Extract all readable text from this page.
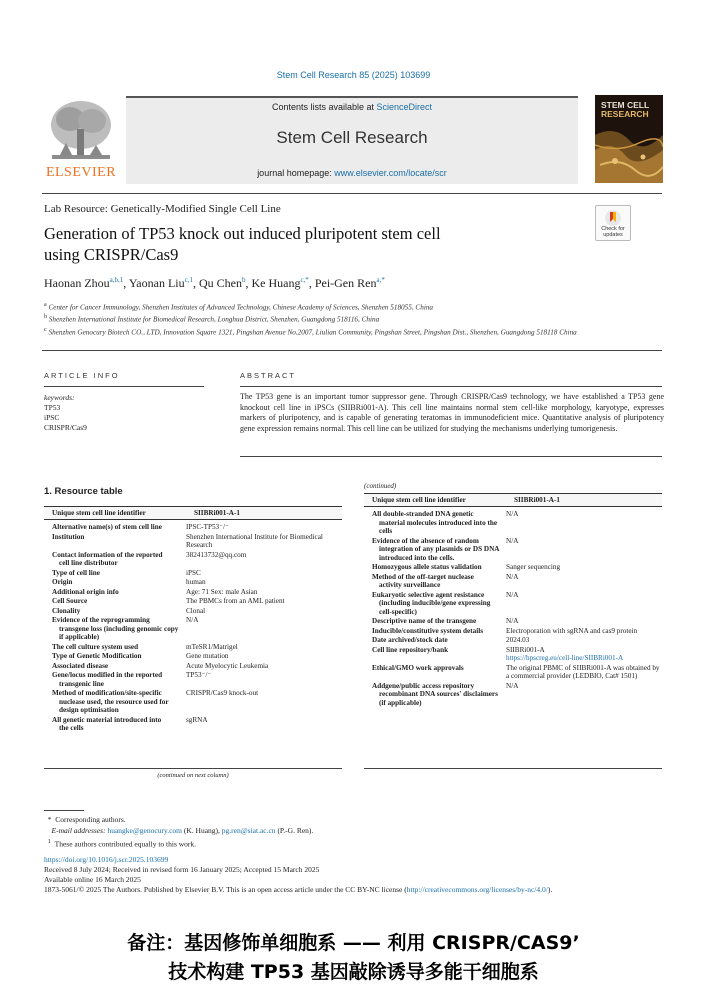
Stem Cell Research 85 (2025) 103699
ELSEVIER
Contents lists available at ScienceDirect
Stem Cell Research
journal homepage: www.elsevier.com/locate/scr
STEM CELL
RESEARCH
Lab Resource: Genetically-Modified Single Cell Line
Generation of TP53 knock out induced pluripotent stem cell
using CRISPR/Cas9
Check for updates
Haonan Zhou$^{a,b,1}$, Yaonan Liu$^{c,1}$, Qu Chen$^b$, Ke Huang$^{c,*}$, Pei-Gen Ren$^{a,*}$
$^a$ Center for Cancer Immunology, Shenzhen Institutes of Advanced Technology, Chinese Academy of Sciences, Shenzhen 518055, China
$^b$ Shenzhen International Institute for Biomedical Research, Longhua District, Shenzhen, Guangdong 518116, China
$^c$ Shenzhen Genocury Biotech CO., LTD, Innovation Square 1321, Pingshan Avenue No.2007, Liulian Community, Pingshan Street, Pingshan Dist., Shenzhen, Guangdong 518118 China
ARTICLE INFO	ABSTRACT
keywords:
TP53
iPSC
CRISPR/Cas9
The TP53 gene is an important tumor suppressor gene. Through CRISPR/Cas9 technology, we have established a TP53 gene knockout cell line in iPSCs (SIIBRi001-A). This cell line maintains normal stem cell-like morphology, karyotype, expresses markers of pluripotency, and is capable of generating teratomas in immunodeficient mice. Quantitative analysis of pluripotency gene expression remains normal. This cell line can be utilized for studying the mechanisms underlying tumorigenesis.
1. Resource table
Unique stem cell line identifier	SIIBRi001-A-1
Alternative name(s) of stem cell line	IPSC-TP53⁻/⁻

Institution	Shenzhen International Institute for Biomedical Research

Contact information of the reported
cell line distributor	382413732@qq.com

Type of cell line	iPSC

Origin	human

Additional origin info	Age: 71 Sex: male Asian

Cell Source	The PBMCs from an AML patient

Clonality	Clonal

Evidence of the reprogramming
transgene loss (including genomic copy if applicable)	N/A

The cell culture system used	mTeSR1/Matrigel

Type of Genetic Modification	Gene mutation

Associated disease	Acute Myelocytic Leukemia

Gene/locus modified in the reported
transgenic line	TP53⁻/⁻

Method of modification/site-specific
nuclease used, the resource used for design optimisation	CRISPR/Cas9 knock-out

All genetic material introduced into
the cells	sgRNA
(continued on next column)
(continued)
Unique stem cell line identifier	SIIBRi001-A-1
All double-stranded DNA genetic
material molecules introduced into the cells	N/A

Evidence of the absence of random
integration of any plasmids or DS DNA introduced into the cells.	N/A

Homozygous allele status validation	Sanger sequencing

Method of the off-target nuclease
activity surveillance	N/A

Eukaryotic selective agent resistance
(including inducible/gene expressing cell-specific)	N/A

Descriptive name of the transgene	N/A

Inducible/constitutive system details	Electroporation with sgRNA and cas9 protein

Date archived/stock date	2024.03

Cell line repository/bank	SIIBRi001-A
https://hpscreg.eu/cell-line/SIIBRi001-A

Ethical/GMO work approvals	The original PBMC of SIIBRi001-A was obtained by a commercial provider (LEDBIO, Cat# 1501)

Addgene/public access repository
recombinant DNA sources' disclaimers (if applicable)	N/A
*  Corresponding authors.
E-mail addresses: huangke@genocury.com (K. Huang), pg.ren@siat.ac.cn (P.-G. Ren).
$^1$ These authors contributed equally to this work.
https://doi.org/10.1016/j.scr.2025.103699
Received 8 July 2024; Received in revised form 16 January 2025; Accepted 15 March 2025
Available online 16 March 2025
1873-5061/© 2025 The Authors. Published by Elsevier B.V. This is an open access article under the CC BY-NC license (http://creativecommons.org/licenses/by-nc/4.0/).
备注：基因修饰单细胞系 —— 利用 CRISPR/CAS9’
技术构建 TP53 基因敲除诱导多能干细胞系
